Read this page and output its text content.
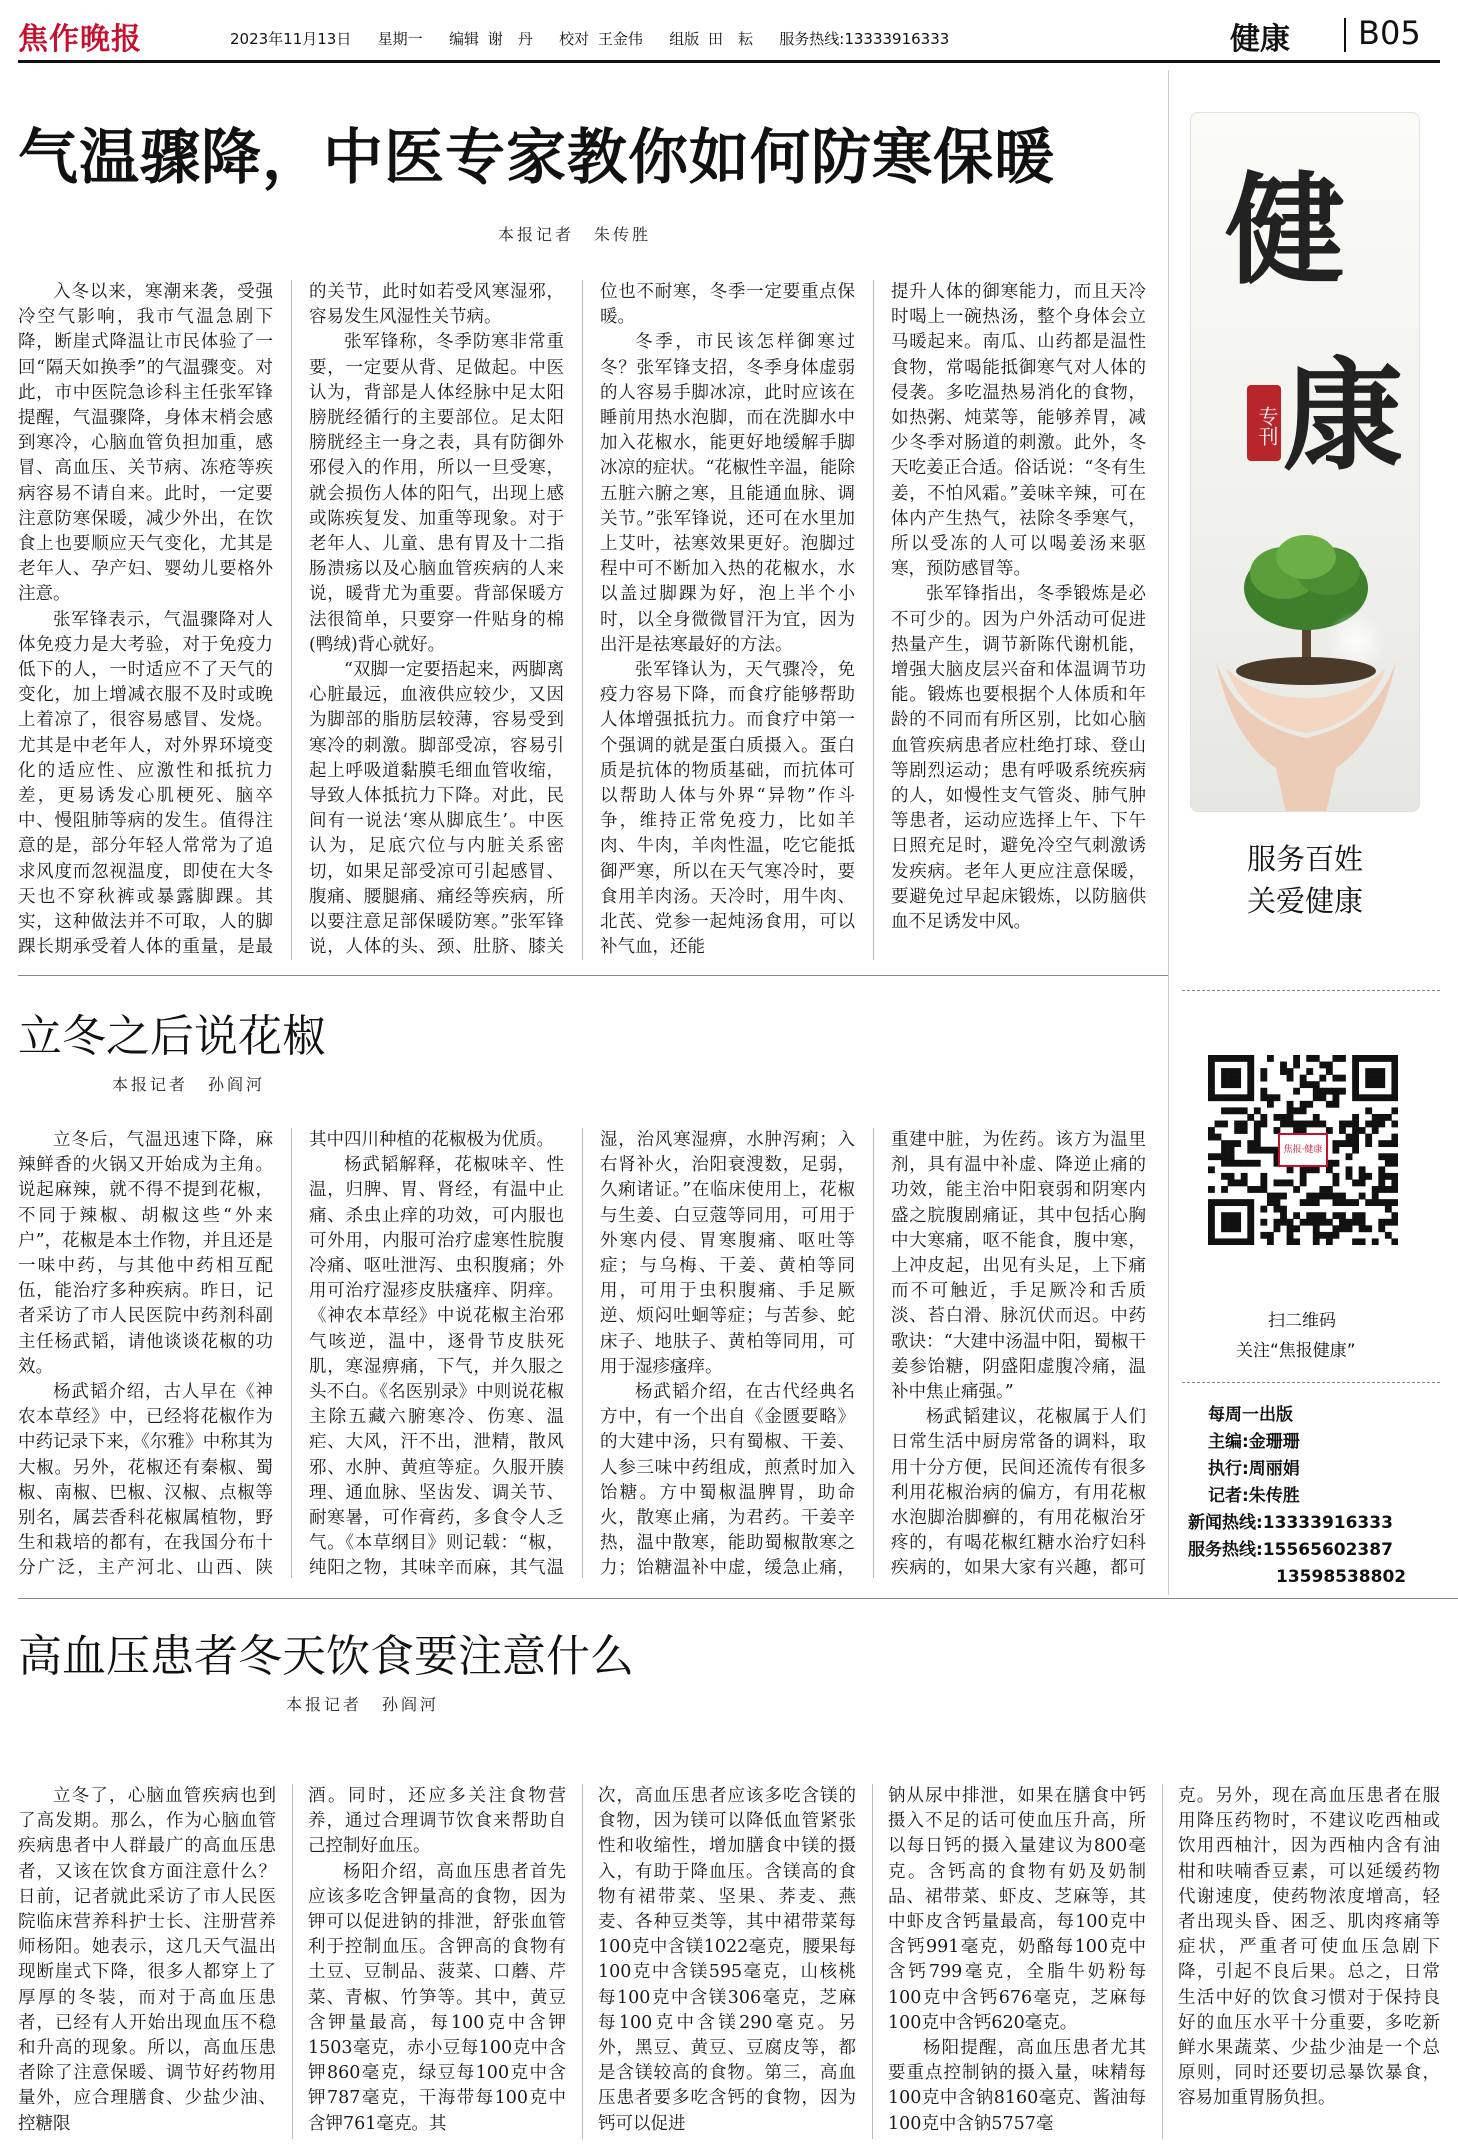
焦作晚报	2023年11月13日 星期一 编辑 谢　丹 校对 王金伟 组版 田　耘 服务热线:13333916333	健康 B05
气温骤降，中医专家教你如何防寒保暖
本报记者 朱传胜

入冬以来，寒潮来袭，受强冷空气影响，我市气温急剧下降，断崖式降温让市民体验了一回“隔天如换季”的气温骤变。对此，市中医院急诊科主任张军锋提醒，气温骤降，身体末梢会感到寒冷，心脑血管负担加重，感冒、高血压、关节病、冻疮等疾病容易不请自来。此时，一定要注意防寒保暖，减少外出，在饮食上也要顺应天气变化，尤其是老年人、孕产妇、婴幼儿要格外注意。

张军锋表示，气温骤降对人体免疫力是大考验，对于免疫力低下的人，一时适应不了天气的变化，加上增减衣服不及时或晚上着凉了，很容易感冒、发烧。尤其是中老年人，对外界环境变化的适应性、应激性和抵抗力差，更易诱发心肌梗死、脑卒中、慢阻肺等病的发生。值得注意的是，部分年轻人常常为了追求风度而忽视温度，即使在大冬天也不穿秋裤或暴露脚踝。其实，这种做法并不可取，人的脚踝长期承受着人体的重量，是最

的关节，此时如若受风寒湿邪，容易发生风湿性关节病。

张军锋称，冬季防寒非常重要，一定要从背、足做起。中医认为，背部是人体经脉中足太阳膀胱经循行的主要部位。足太阳膀胱经主一身之表，具有防御外邪侵入的作用，所以一旦受寒，就会损伤人体的阳气，出现上感或陈疾复发、加重等现象。对于老年人、儿童、患有胃及十二指肠溃疡以及心脑血管疾病的人来说，暖背尤为重要。背部保暖方法很简单，只要穿一件贴身的棉(鸭绒)背心就好。

“双脚一定要捂起来，两脚离心脏最远，血液供应较少，又因为脚部的脂肪层较薄，容易受到寒冷的刺激。脚部受凉，容易引起上呼吸道黏膜毛细血管收缩，导致人体抵抗力下降。对此，民间有一说法‘寒从脚底生’。中医认为，足底穴位与内脏关系密切，如果足部受凉可引起感冒、腹痛、腰腿痛、痛经等疾病，所以要注意足部保暖防寒。”张军锋说，人体的头、颈、肚脐、膝关

位也不耐寒，冬季一定要重点保暖。

冬季，市民该怎样御寒过冬？张军锋支招，冬季身体虚弱的人容易手脚冰凉，此时应该在睡前用热水泡脚，而在洗脚水中加入花椒水，能更好地缓解手脚冰凉的症状。“花椒性辛温，能除五脏六腑之寒，且能通血脉、调关节。”张军锋说，还可在水里加上艾叶，祛寒效果更好。泡脚过程中可不断加入热的花椒水，水以盖过脚踝为好，泡上半个小时，以全身微微冒汗为宜，因为出汗是祛寒最好的方法。

张军锋认为，天气骤冷，免疫力容易下降，而食疗能够帮助人体增强抵抗力。而食疗中第一个强调的就是蛋白质摄入。蛋白质是抗体的物质基础，而抗体可以帮助人体与外界“异物”作斗争，维持正常免疫力，比如羊肉、牛肉，羊肉性温，吃它能抵御严寒，所以在天气寒冷时，要食用羊肉汤。天冷时，用牛肉、北芪、党参一起炖汤食用，可以补气血，还能

提升人体的御寒能力，而且天冷时喝上一碗热汤，整个身体会立马暖起来。南瓜、山药都是温性食物，常喝能抵御寒气对人体的侵袭。多吃温热易消化的食物，如热粥、炖菜等，能够养胃，减少冬季对肠道的刺激。此外，冬天吃姜正合适。俗话说：“冬有生姜，不怕风霜。”姜味辛辣，可在体内产生热气，祛除冬季寒气，所以受冻的人可以喝姜汤来驱寒，预防感冒等。

张军锋指出，冬季锻炼是必不可少的。因为户外活动可促进热量产生，调节新陈代谢机能，增强大脑皮层兴奋和体温调节功能。锻炼也要根据个人体质和年龄的不同而有所区别，比如心脑血管疾病患者应杜绝打球、登山等剧烈运动；患有呼吸系统疾病的人，如慢性支气管炎、肺气肿等患者，运动应选择上午、下午日照充足时，避免冷空气刺激诱发疾病。老年人更应注意保暖，要避免过早起床锻炼，以防脑供血不足诱发中风。

立冬之后说花椒
本报记者 孙阎河

立冬后，气温迅速下降，麻辣鲜香的火锅又开始成为主角。说起麻辣，就不得不提到花椒，不同于辣椒、胡椒这些“外来户”，花椒是本土作物，并且还是一味中药，与其他中药相互配伍，能治疗多种疾病。昨日，记者采访了市人民医院中药剂科副主任杨武韬，请他谈谈花椒的功效。

杨武韬介绍，古人早在《神农本草经》中，已经将花椒作为中药记录下来，《尔雅》中称其为大椒。另外，花椒还有秦椒、蜀椒、南椒、巴椒、汉椒、点椒等别名，属芸香科花椒属植物，野生和栽培的都有，在我国分布十分广泛，主产河北、山西、陕

其中四川种植的花椒极为优质。

杨武韬解释，花椒味辛、性温，归脾、胃、肾经，有温中止痛、杀虫止痒的功效，可内服也可外用，内服可治疗虚寒性脘腹冷痛、呕吐泄泻、虫积腹痛；外用可治疗湿疹皮肤瘙痒、阴痒。《神农本草经》中说花椒主治邪气咳逆，温中，逐骨节皮肤死肌，寒湿痹痛，下气，并久服之头不白。《名医别录》中则说花椒主除五藏六腑寒冷、伤寒、温疟、大风，汗不出，泄精，散风邪、水肿、黄疸等症。久服开腠理、通血脉、坚齿发、调关节、耐寒暑，可作膏药，多食令人乏气。《本草纲目》则记载：“椒，纯阳之物，其味辛而麻，其气温

湿，治风寒湿痹，水肿泻痢；入右肾补火，治阳衰溲数，足弱，久痢诸证。”在临床使用上，花椒与生姜、白豆蔻等同用，可用于外寒内侵、胃寒腹痛、呕吐等症；与乌梅、干姜、黄柏等同用，可用于虫积腹痛、手足厥逆、烦闷吐蛔等症；与苦参、蛇床子、地肤子、黄柏等同用，可用于湿疹瘙痒。

杨武韬介绍，在古代经典名方中，有一个出自《金匮要略》的大建中汤，只有蜀椒、干姜、人参三味中药组成，煎煮时加入饴糖。方中蜀椒温脾胃，助命火，散寒止痛，为君药。干姜辛热，温中散寒，能助蜀椒散寒之力；饴糖温补中虚，缓急止痛，

重建中脏，为佐药。该方为温里剂，具有温中补虚、降逆止痛的功效，能主治中阳衰弱和阴寒内盛之脘腹剧痛证，其中包括心胸中大寒痛，呕不能食，腹中寒，上冲皮起，出见有头足，上下痛而不可触近，手足厥冷和舌质淡、苔白滑、脉沉伏而迟。中药歌诀：“大建中汤温中阳，蜀椒干姜参饴糖，阴盛阳虚腹冷痛，温补中焦止痛强。”

杨武韬建议，花椒属于人们日常生活中厨房常备的调料，取用十分方便，民间还流传有很多利用花椒治病的偏方，有用花椒水泡脚治脚癣的，有用花椒治牙疼的，有喝花椒红糖水治疗妇科疾病的，如果大家有兴趣，都可

高血压患者冬天饮食要注意什么
本报记者 孙阎河

立冬了，心脑血管疾病也到了高发期。那么，作为心脑血管疾病患者中人群最广的高血压患者，又该在饮食方面注意什么？日前，记者就此采访了市人民医院临床营养科护士长、注册营养师杨阳。她表示，这几天气温出现断崖式下降，很多人都穿上了厚厚的冬装，而对于高血压患者，已经有人开始出现血压不稳和升高的现象。所以，高血压患者除了注意保暖、调节好药物用量外，应合理膳食、少盐少油、控糖限

酒。同时，还应多关注食物营养，通过合理调节饮食来帮助自己控制好血压。

杨阳介绍，高血压患者首先应该多吃含钾量高的食物，因为钾可以促进钠的排泄，舒张血管利于控制血压。含钾高的食物有土豆、豆制品、菠菜、口蘑、芹菜、青椒、竹笋等。其中，黄豆含钾量最高，每100克中含钾1503毫克，赤小豆每100克中含钾860毫克，绿豆每100克中含钾787毫克，干海带每100克中含钾761毫克。其

次，高血压患者应该多吃含镁的食物，因为镁可以降低血管紧张性和收缩性，增加膳食中镁的摄入，有助于降血压。含镁高的食物有裙带菜、坚果、荞麦、燕麦、各种豆类等，其中裙带菜每100克中含镁1022毫克，腰果每100克中含镁595毫克，山核桃每100克中含镁306毫克，芝麻每100克中含镁290毫克。另外，黑豆、黄豆、豆腐皮等，都是含镁较高的食物。第三，高血压患者要多吃含钙的食物，因为钙可以促进

钠从尿中排泄，如果在膳食中钙摄入不足的话可使血压升高，所以每日钙的摄入量建议为800毫克。含钙高的食物有奶及奶制品、裙带菜、虾皮、芝麻等，其中虾皮含钙量最高，每100克中含钙991毫克，奶酪每100克中含钙799毫克，全脂牛奶粉每100克中含钙676毫克，芝麻每100克中含钙620毫克。

杨阳提醒，高血压患者尤其要重点控制钠的摄入量，味精每100克中含钠8160毫克、酱油每100克中含钠5757毫

克。另外，现在高血压患者在服用降压药物时，不建议吃西柚或饮用西柚汁，因为西柚内含有油柑和呋喃香豆素，可以延缓药物代谢速度，使药物浓度增高，轻者出现头昏、困乏、肌肉疼痛等症状，严重者可使血压急剧下降，引起不良后果。总之，日常生活中好的饮食习惯对于保持良好的血压水平十分重要，多吃新鲜水果蔬菜、少盐少油是一个总原则，同时还要切忌暴饮暴食，容易加重胃肠负担。

健
专刊 康
服务百姓
关爱健康
焦报·健康
扫二维码
关注“焦报健康”
每周一出版
主编:金珊珊
执行:周丽娟
记者:朱传胜
新闻热线:13333916333
服务热线:15565602387
13598538802
